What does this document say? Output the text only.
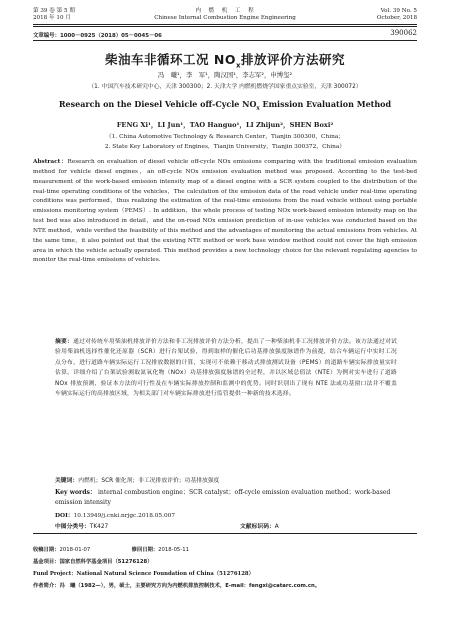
第 39 卷 第 5 期
2018 年 10 月
内　燃　机　工　程
Chinese Internal Combustion Engine Engineering
Vol. 39 No. 5
October, 2018
文章编号：1000－0925（2018）05－0045－06	390062
柴油车非循环工况 $NO_x$排放评价方法研究
冯　曦¹，李　军¹，陶汉国¹，李志军²，申博玺²
（1. 中国汽车技术研究中心，天津 300300；2. 天津大学 内燃机燃烧学国家重点实验室，天津 300072）
Research on the Diesel Vehicle off-Cycle $NO_x$ Emission Evaluation Method
FENG Xi¹，LI Jun¹，TAO Hanguo¹，LI Zhijun²，SHEN Boxi²
（1. China Automotive Technology & Research Center，Tianjin 300300，China；
2. State Key Laboratory of Engines，Tianjin University，Tianjin 300372，China）
Abstract：Research on evaluation of diesel vehicle off-cycle NOx emissions comparing with the traditional emission evaluation method for vehicle diesel engines，an off-cycle NOx emission evaluation method was proposed. According to the test-bed measurement of the work-based emission intensity map of a diesel engine with a SCR system coupled to the distribution of the real-time operating conditions of the vehicles，The calculation of the emission data of the road vehicle under real-time operating conditions was performed，thus realizing the estimation of the real-time emissions from the road vehicle without using portable emissions monitoring system（PEMS）. In addition，the whole process of testing NOx work-based emission intensity map on the test bed was also introduced in detail，and the on-road NOx emission prediction of in-use vehicles was conducted based on the NTE method，while verified the feasibility of this method and the advantages of monitoring the actual emissions from vehicles. At the same time，it also pointed out that the existing NTE method or work base window method could not cover the high emission area in which the vehicle actually operated. This method provides a new technology choice for the relevant regulating agencies to monitor the real-time emissions of vehicles.
摘要：通过对传统车用柴油机排放评价方法和非工况排放评价方法分析，提出了一种柴油机非工况排放评价方法。该方法通过对试验用柴油机选择性催化还原器（SCR）进行台架试验，得到取样的催化后功基排放强度脉谱作为前提，结合车辆运行中实时工况点分布，进行道路车辆实际运行工况排放数据的计算，实现可不依赖于移动式排放测试设备（PEMS）的道路车辆实际排放量实时估算。详细介绍了台架试验测取氮氧化物（NOx）功基排放强度脉谱的全过程，并以区域总值法（NTE）为例对实车进行了道路 NOx 排放预测，验证本方法的可行性及在车辆实际排放控制和监测中的优势。同时识别出了现有 NTE 法或功基窗口法并不覆盖车辆实际运行的高排放区域，为相关部门对车辆实际排放进行监管提供一种新的技术选择。
关键词：内燃机；SCR 催化剂；非工况排放评价；功基排放强度
Key words： internal combustion engine；SCR catalyst；off-cycle emission evaluation method；work-based emission intensity
DOI：10.13949/j.cnki.nrjgc.2018.05.007
中图分类号：TK427	文献标识码：A
收稿日期：2018-01-07	修回日期：2018-05-11
基金项目：国家自然科学基金项目（51276128）
Fund Project：National Natural Science Foundation of China（51276128）
作者简介：冯　曦（1982—），男，硕士，主要研究方向为内燃机排放控制技术，E-mail：fengxi@catarc.com.cn。
